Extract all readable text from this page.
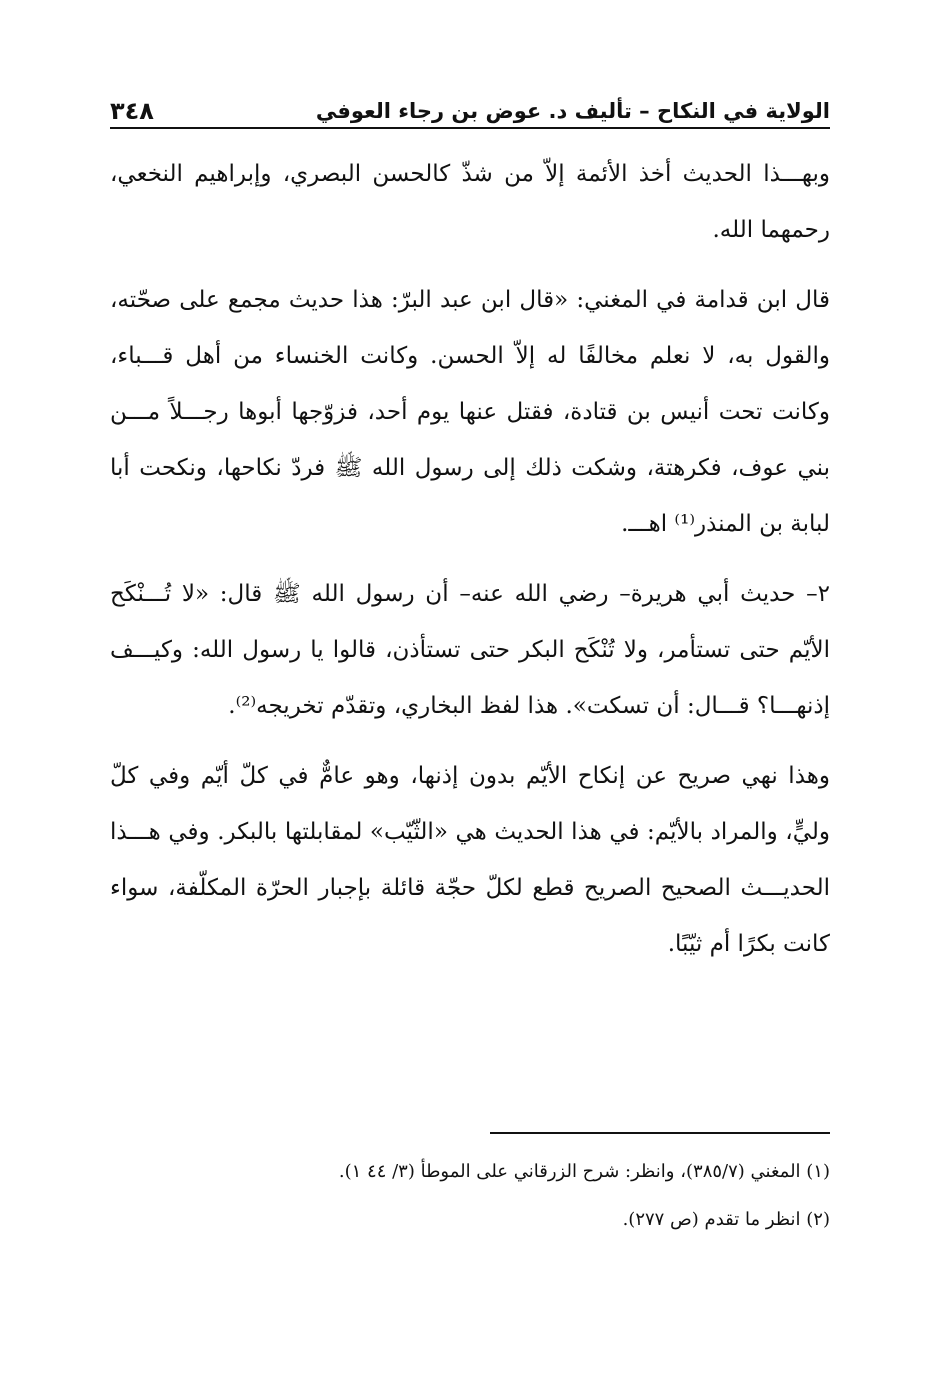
الولاية في النكاح – تأليف د. عوض بن رجاء العوفي
٣٤٨

وبهـــذا الحديث أخذ الأئمة إلاّ من شذّ كالحسن البصري، وإبراهيم النخعي، رحمهما الله.

قال ابن قدامة في المغني: «قال ابن عبد البرّ: هذا حديث مجمع على صحّته، والقول به، لا نعلم مخالفًا له إلاّ الحسن. وكانت الخنساء من أهل قـــباء، وكانت تحت أنيس بن قتادة، فقتل عنها يوم أحد، فزوّجها أبوها رجـــلاً مـــن بني عوف، فكرهتة، وشكت ذلك إلى رسول الله ﷺ فردّ نكاحها، ونكحت أبا لبابة بن المنذر⁽¹⁾ اهـــ.

٢– حديث أبي هريرة– رضي الله عنه– أن رسول الله ﷺ قال: «لا تُـــنْكَح الأيّم حتى تستأمر، ولا تُنْكَح البكر حتى تستأذن، قالوا يا رسول الله: وكيـــف إذنهـــا؟ قـــال: أن تسكت». هذا لفظ البخاري، وتقدّم تخريجه⁽²⁾.

وهذا نهي صريح عن إنكاح الأيّم بدون إذنها، وهو عامٌّ في كلّ أيّم وفي كلّ وليٍّ، والمراد بالأيّم: في هذا الحديث هي «الثّيّب» لمقابلتها بالبكر. وفي هـــذا الحديـــث الصحيح الصريح قطع لكلّ حجّة قائلة بإجبار الحرّة المكلّفة، سواء كانت بكرًا أم ثيّبًا.

(١) المغني (٣٨٥/٧)، وانظر: شرح الزرقاني على الموطأ (٣/ ٤٤ ١).

(٢) انظر ما تقدم (ص ٢٧٧).
